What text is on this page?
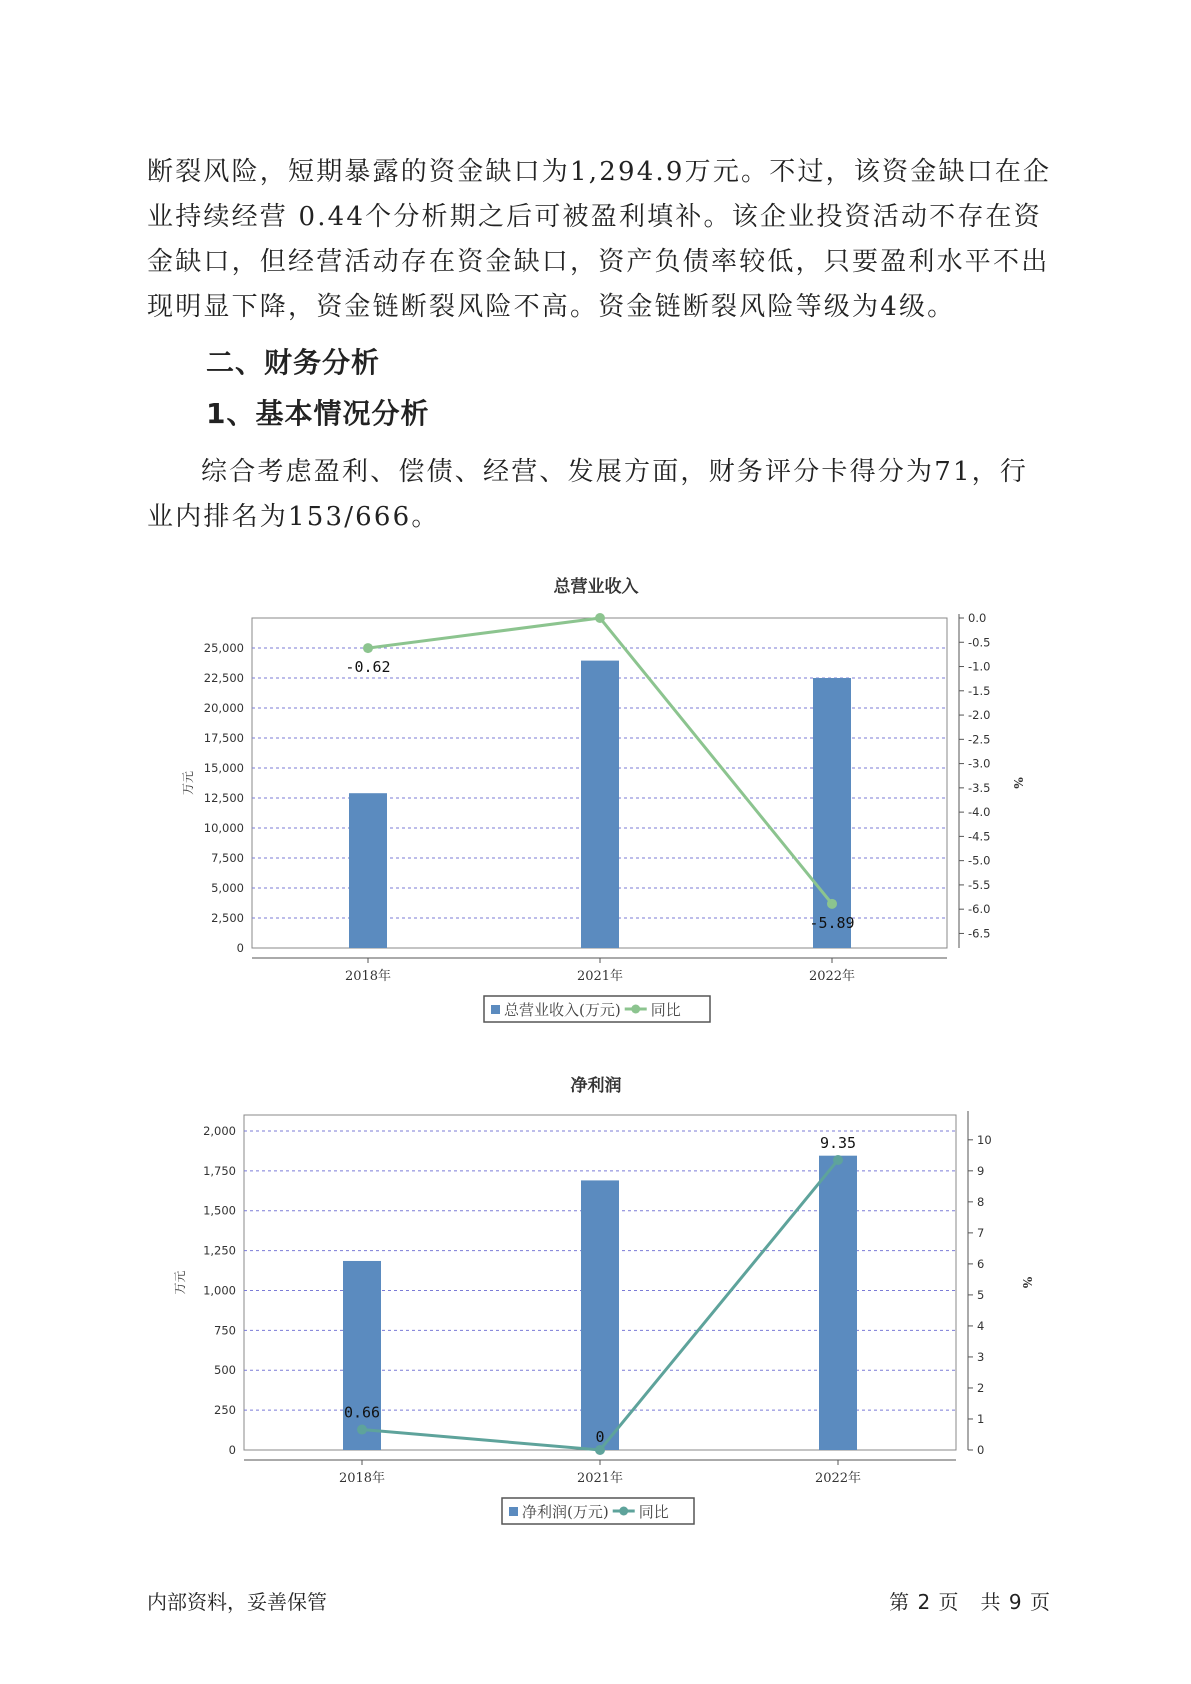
断裂风险，短期暴露的资金缺口为1,294.9万元。不过，该资金缺口在企业持续经营 0.44个分析期之后可被盈利填补。该企业投资活动不存在资金缺口，但经营活动存在资金缺口，资产负债率较低，只要盈利水平不出现明显下降，资金链断裂风险不高。资金链断裂风险等级为4级。

二、财务分析
1、基本情况分析

综合考虑盈利、偿债、经营、发展方面，财务评分卡得分为71，行业内排名为153/666。

总营业收入
0
2,500
5,000
7,500
10,000
12,500
15,000
17,500
20,000
22,500
25,000
万元
0.0
-0.5
-1.0
-1.5
-2.0
-2.5
-3.0
-3.5
-4.0
-4.5
-5.0
-5.5
-6.0
-6.5
%
2018年	2021年	2022年
-0.62
-5.89
总营业收入(万元) 同比
净利润
0
250
500
750
1,000
1,250
1,500
1,750
2,000
万元
0
1
2
3
4
5
6
7
8
9
10
%
2018年	2021年	2022年
0.66
0
9.35
净利润(万元) 同比
内部资料，妥善保管	第 2 页　共 9 页
